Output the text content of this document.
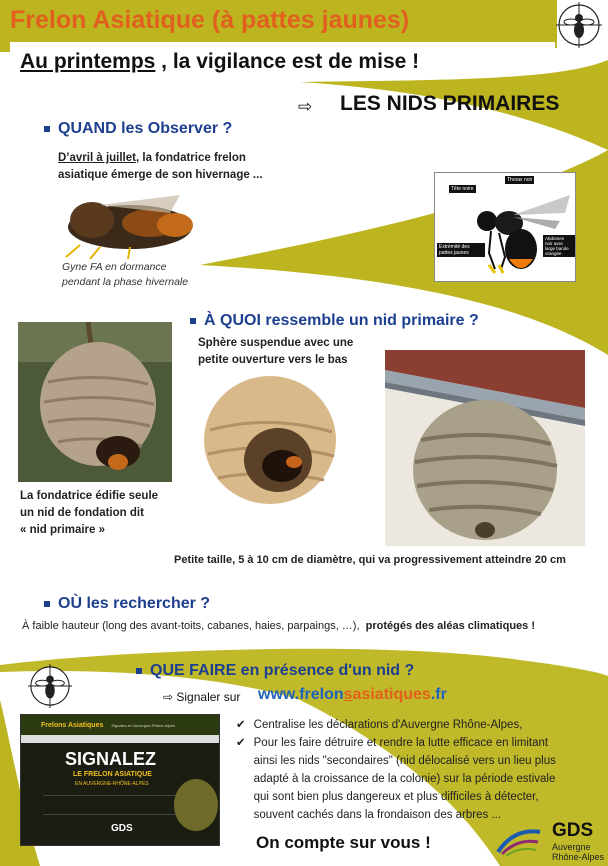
Frelon Asiatique (à pattes jaunes)
Au printemps , la vigilance est de mise !
⇨ LES NIDS PRIMAIRES
QUAND les Observer ?
D’avril à juillet, la fondatrice frelon
asiatique émerge de son hivernage ...
Gyne FA en dormance
pendant la phase hivernale
Tête noire
Thorax noir
Extrémité des pattes jaunes
Abdomen noir avec large bande orangée
À QUOI ressemble un nid primaire ?
Sphère suspendue avec une
petite ouverture vers le bas
La fondatrice édifie seule
un nid de fondation dit
« nid primaire »
Petite taille, 5 à 10 cm de diamètre, qui va progressivement atteindre 20 cm
OÙ les rechercher ?
À faible hauteur (long des avant-toits, cabanes, haies, parpaings, …), protégés des aléas climatiques !
QUE FAIRE en présence d'un nid ?
⇨ Signaler sur www.frelonsasiatiques.fr
Frelons Asiatiques Signalez-en Auvergne-Rhône-Alpes
SIGNALEZ
LE FRELON ASIATIQUE
EN AUVERGNE-RHÔNE-ALPES
GDS
✔ Centralise les déclarations d'Auvergne Rhône-Alpes,
✔ Pour les faire détruire et rendre la lutte efficace en limitant
ainsi les nids "secondaires" (nid délocalisé vers un lieu plus
adapté à la croissance de la colonie) sur la période estivale
qui sont bien plus dangereux et plus difficiles à détecter,
souvent cachés dans la frondaison des arbres ...
On compte sur vous !
GDS
Auvergne
Rhône-Alpes
